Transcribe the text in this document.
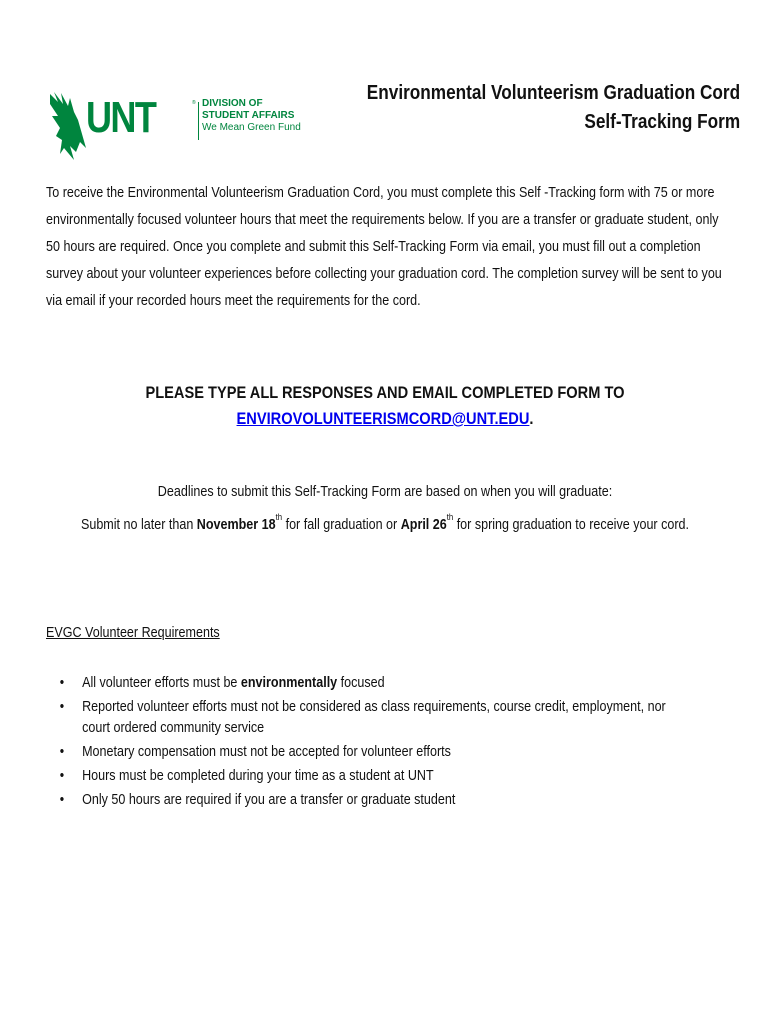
UNT	® DIVISION OF
STUDENT AFFAIRS
We Mean Green Fund
Environmental Volunteerism Graduation Cord
Self-Tracking Form
To receive the Environmental Volunteerism Graduation Cord, you must complete this Self -Tracking form with 75 or more environmentally focused volunteer hours that meet the requirements below. If you are a transfer or graduate student, only 50 hours are required. Once you complete and submit this Self-Tracking Form via email, you must fill out a completion survey about your volunteer experiences before collecting your graduation cord. The completion survey will be sent to you via email if your recorded hours meet the requirements for the cord.
PLEASE TYPE ALL RESPONSES AND EMAIL COMPLETED FORM TO
ENVIROVOLUNTEERISMCORD@UNT.EDU.
Deadlines to submit this Self-Tracking Form are based on when you will graduate:
Submit no later than November 18th for fall graduation or April 26th for spring graduation to receive your cord.
EVGC Volunteer Requirements
• All volunteer efforts must be environmentally focused
• Reported volunteer efforts must not be considered as class requirements, course credit, employment, nor court ordered community service
• Monetary compensation must not be accepted for volunteer efforts
• Hours must be completed during your time as a student at UNT
• Only 50 hours are required if you are a transfer or graduate student
